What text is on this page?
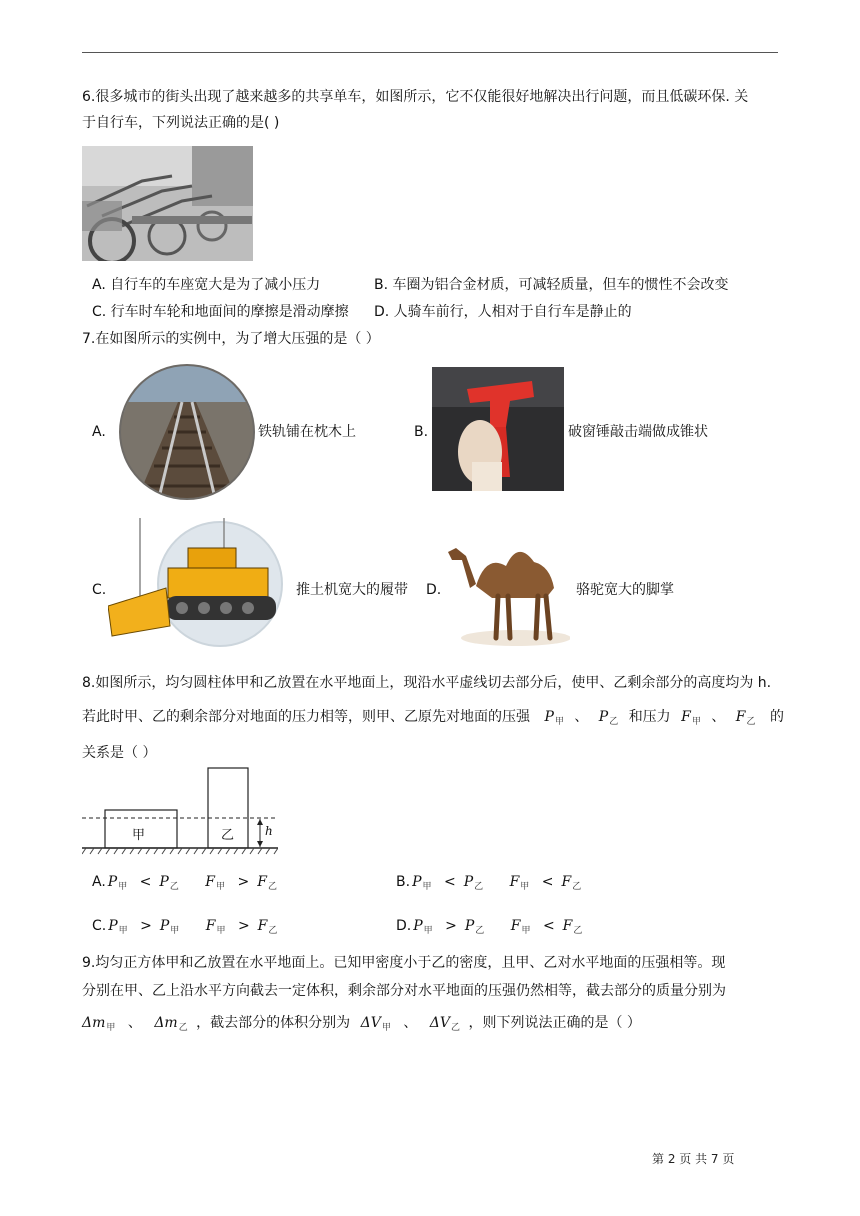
6.很多城市的街头出现了越来越多的共享单车，如图所示，它不仅能很好地解决出行问题，而且低碳环保. 关
于自行车，下列说法正确的是( )
A. 自行车的车座宽大是为了减小压力	B. 车圈为铝合金材质，可减轻质量，但车的惯性不会改变
C. 行车时车轮和地面间的摩擦是滑动摩擦 D. 人骑车前行，人相对于自行车是静止的
7.在如图所示的实例中，为了增大压强的是（ ）
A.	铁轨铺在枕木上	B.	破窗锤敲击端做成锥状
C.	推土机宽大的履带 D.	骆驼宽大的脚掌
8.如图所示，均匀圆柱体甲和乙放置在水平地面上，现沿水平虚线切去部分后，使甲、乙剩余部分的高度均为 h.
若此时甲、乙的剩余部分对地面的压力相等，则甲、乙原先对地面的压强 $P_甲$ 、 $P_乙$ 和压力 $F_甲$ 、 $F_乙$ 的
关系是（ ）
甲	乙	h
A. $P_甲 < P_乙$ $F_甲 > F_乙$	B. $P_甲 < P_乙$ $F_甲 < F_乙$
C. $P_甲 > P_甲$ $F_甲 > F_乙$	D. $P_甲 > P_乙$ $F_甲 < F_乙$
9.均匀正方体甲和乙放置在水平地面上。已知甲密度小于乙的密度，且甲、乙对水平地面的压强相等。现
分别在甲、乙上沿水平方向截去一定体积，剩余部分对水平地面的压强仍然相等，截去部分的质量分别为
$\Delta m_甲$ 、 $\Delta m_乙$ ，截去部分的体积分别为 $\Delta V_甲$ 、 $\Delta V_乙$ ，则下列说法正确的是（ ）
第 2 页 共 7 页
